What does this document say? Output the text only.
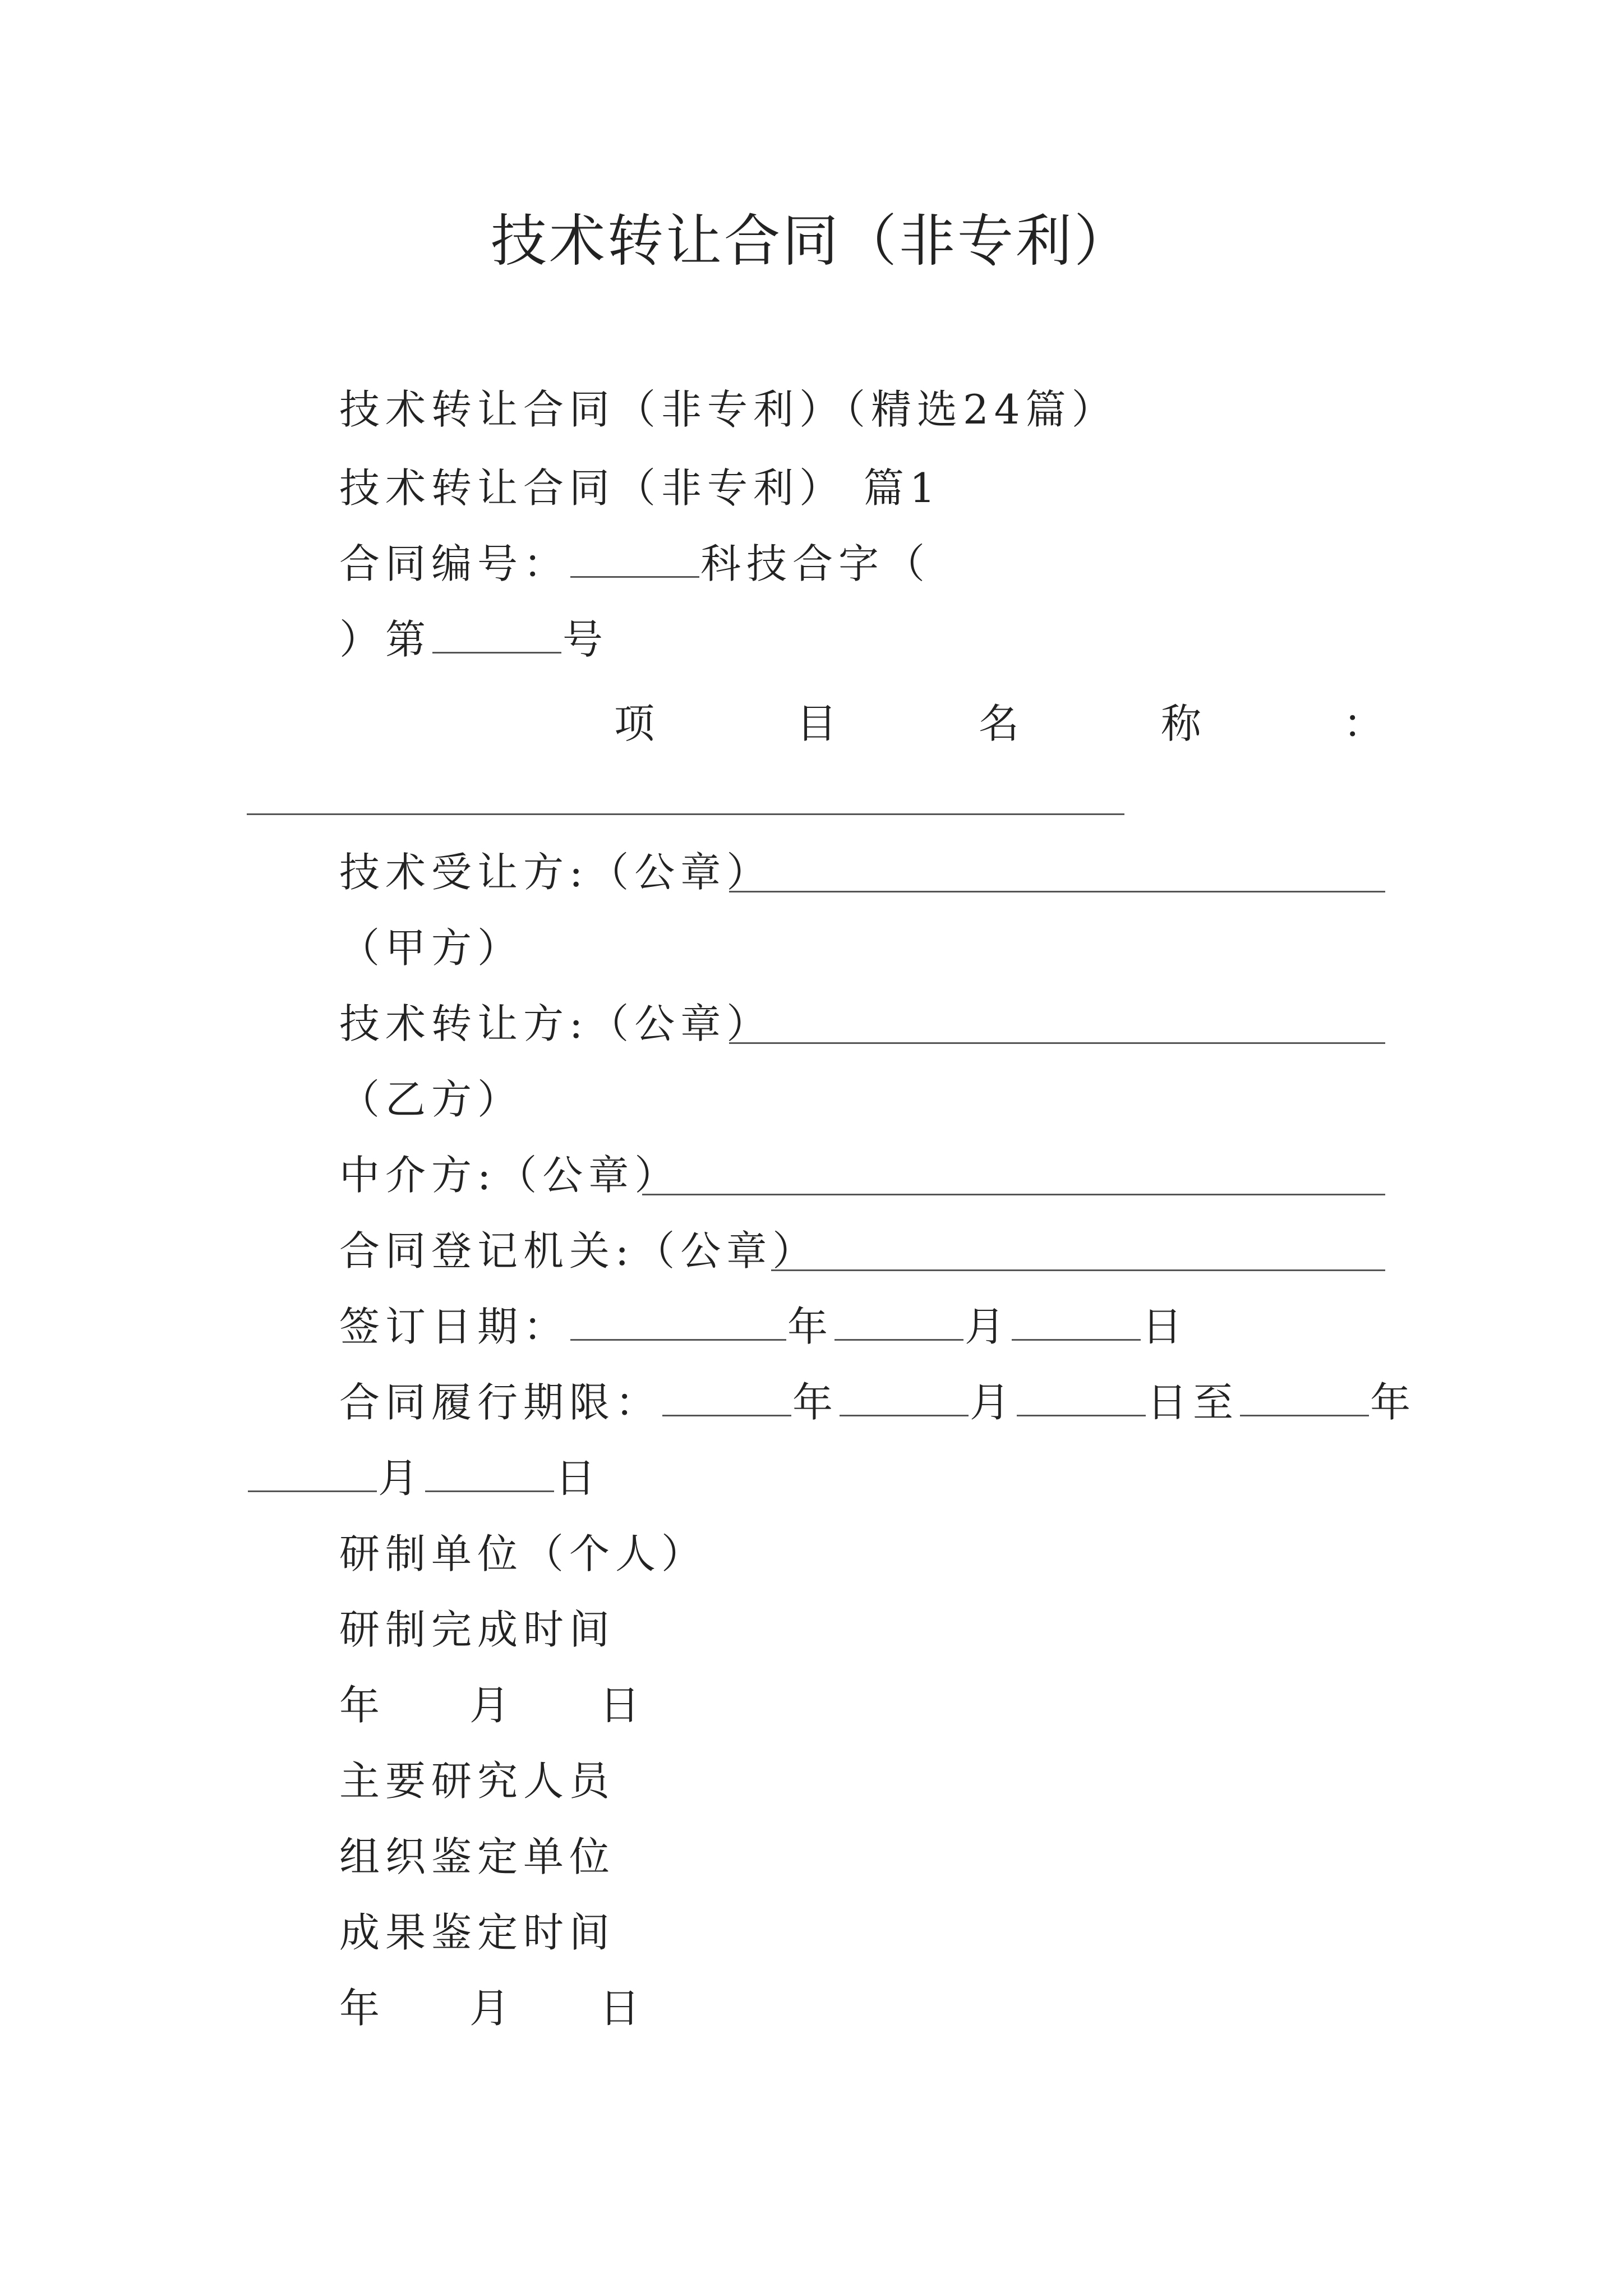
技术转让合同（非专利）
技术转让合同（非专利）（精选24篇）
技术转让合同（非专利） 篇1
合同编号：	科技合字（
）第	号
项	目	名	称	：
技术受让方:（公章）
（甲方）
技术转让方:（公章）
（乙方）
中介方:（公章）
合同登记机关:（公章）
签订日期：	年	月	日
合同履行期限：	年	月	日至	年
月	日
研制单位（个人）
研制完成时间
年 月 日
主要研究人员
组织鉴定单位
成果鉴定时间
年 月 日
